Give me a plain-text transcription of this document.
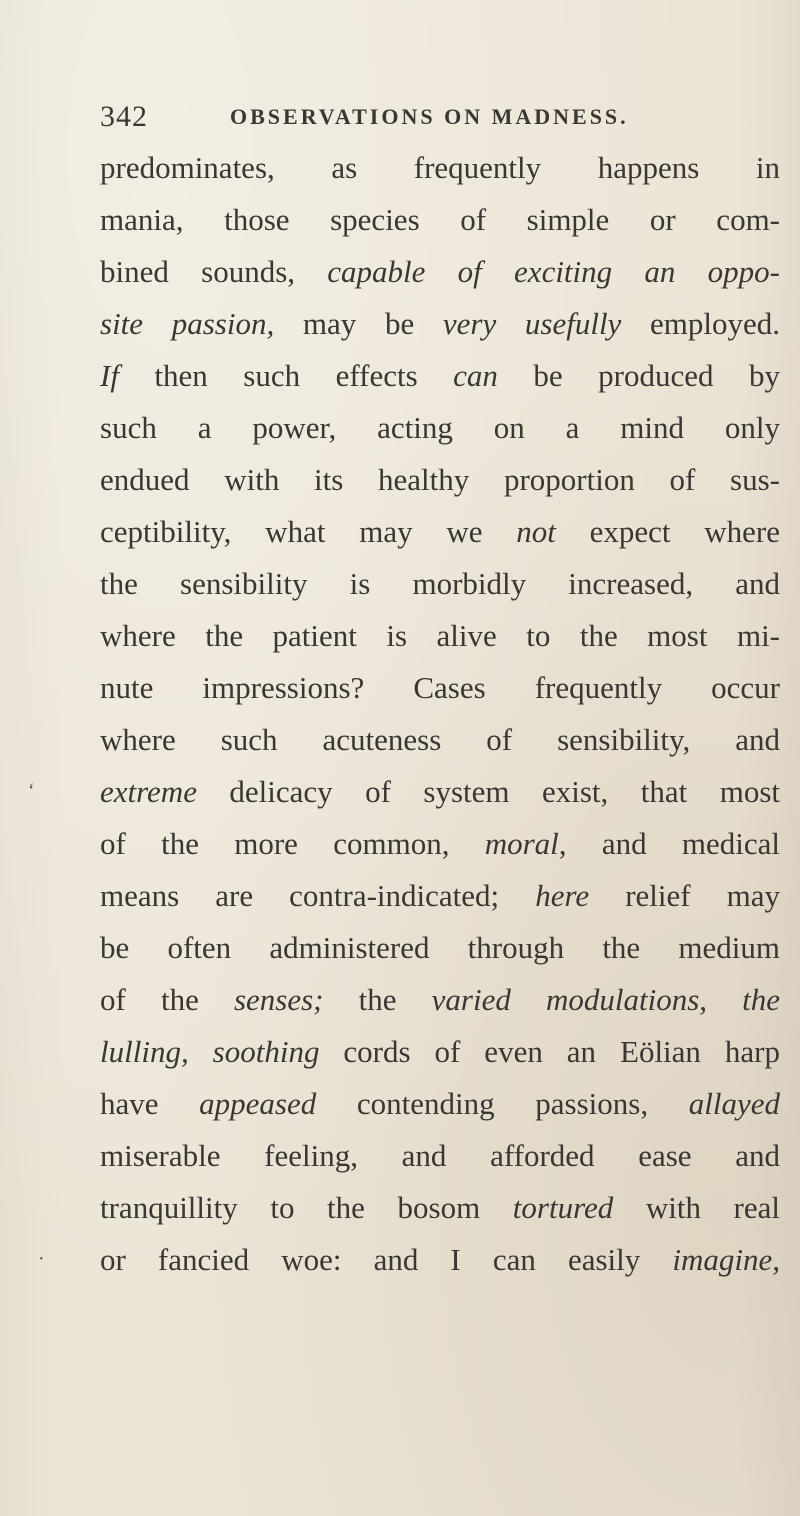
342	OBSERVATIONS ON MADNESS.
predominates, as frequently happens in
mania, those species of simple or com-
bined sounds, capable of exciting an oppo-
site passion, may be very usefully employed.
If then such effects can be produced by
such a power, acting on a mind only
endued with its healthy proportion of sus-
ceptibility, what may we not expect where
the sensibility is morbidly increased, and
where the patient is alive to the most mi-
nute impressions? Cases frequently occur
where such acuteness of sensibility, and
extreme delicacy of system exist, that most
of the more common, moral, and medical
means are contra-indicated; here relief may
be often administered through the medium
of the senses; the varied modulations, the
lulling, soothing cords of even an Eölian harp
have appeased contending passions, allayed
miserable feeling, and afforded ease and
tranquillity to the bosom tortured with real
or fancied woe: and I can easily imagine,
‘
·
